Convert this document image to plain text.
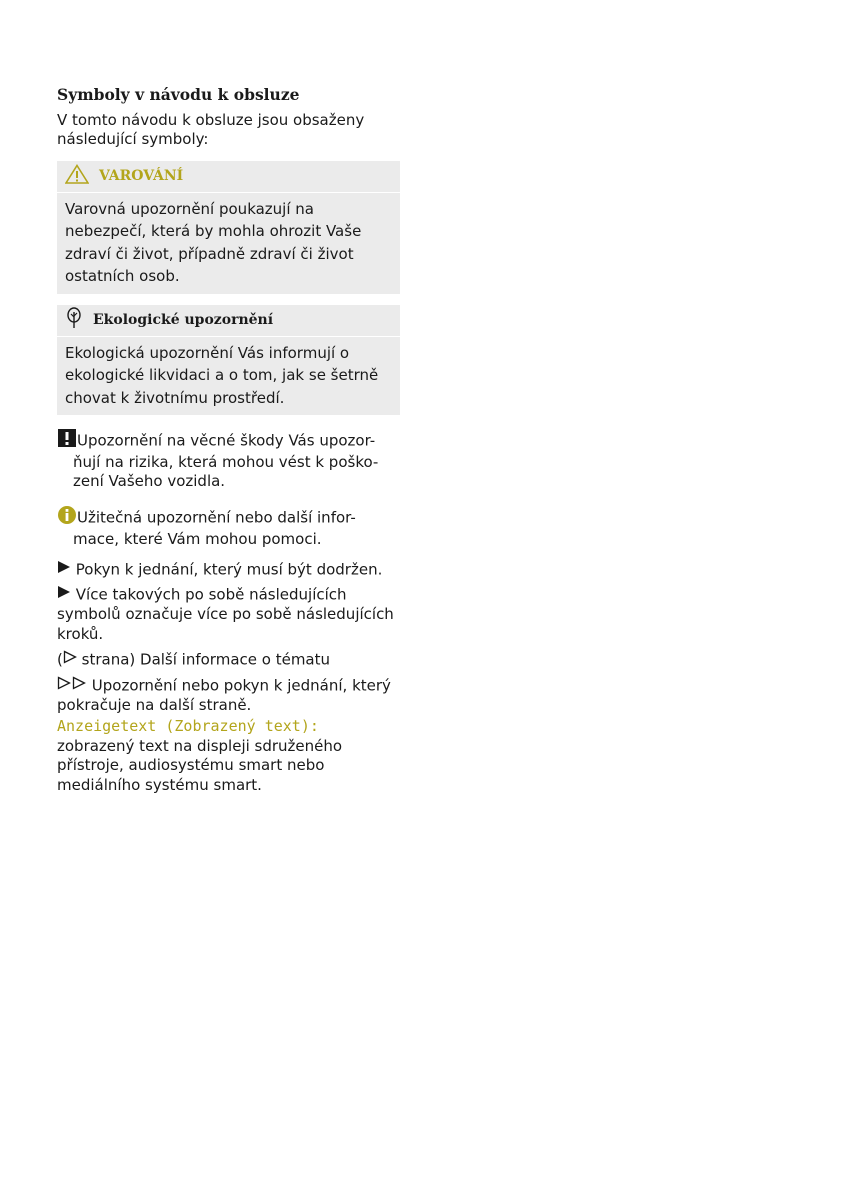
Symboly v návodu k obsluze

V tomto návodu k obsluze jsou obsaženy následující symboly:

VAROVÁNÍ
Varovná upozornění poukazují na nebezpečí, která by mohla ohrozit Vaše zdraví či život, případně zdraví či život ostatních osob.
Ekologické upozornění
Ekologická upozornění Vás informují o ekologické likvidaci a o tom, jak se šetrně chovat k životnímu prostředí.
Upozornění na věcné škody Vás upozor-
ňují na rizika, která mohou vést k poško-zení Vašeho vozidla.
Užitečná upozornění nebo další infor-
mace, které Vám mohou pomoci.
Pokyn k jednání, který musí být dodržen.
Více takových po sobě následujících symbolů označuje více po sobě následujících kroků.
( strana) Další informace o tématu
Upozornění nebo pokyn k jednání, který pokračuje na další straně.
Anzeigetext (Zobrazený text): zobrazený text na displeji sdruženého přístroje, audiosystému smart nebo mediálního systému smart.
